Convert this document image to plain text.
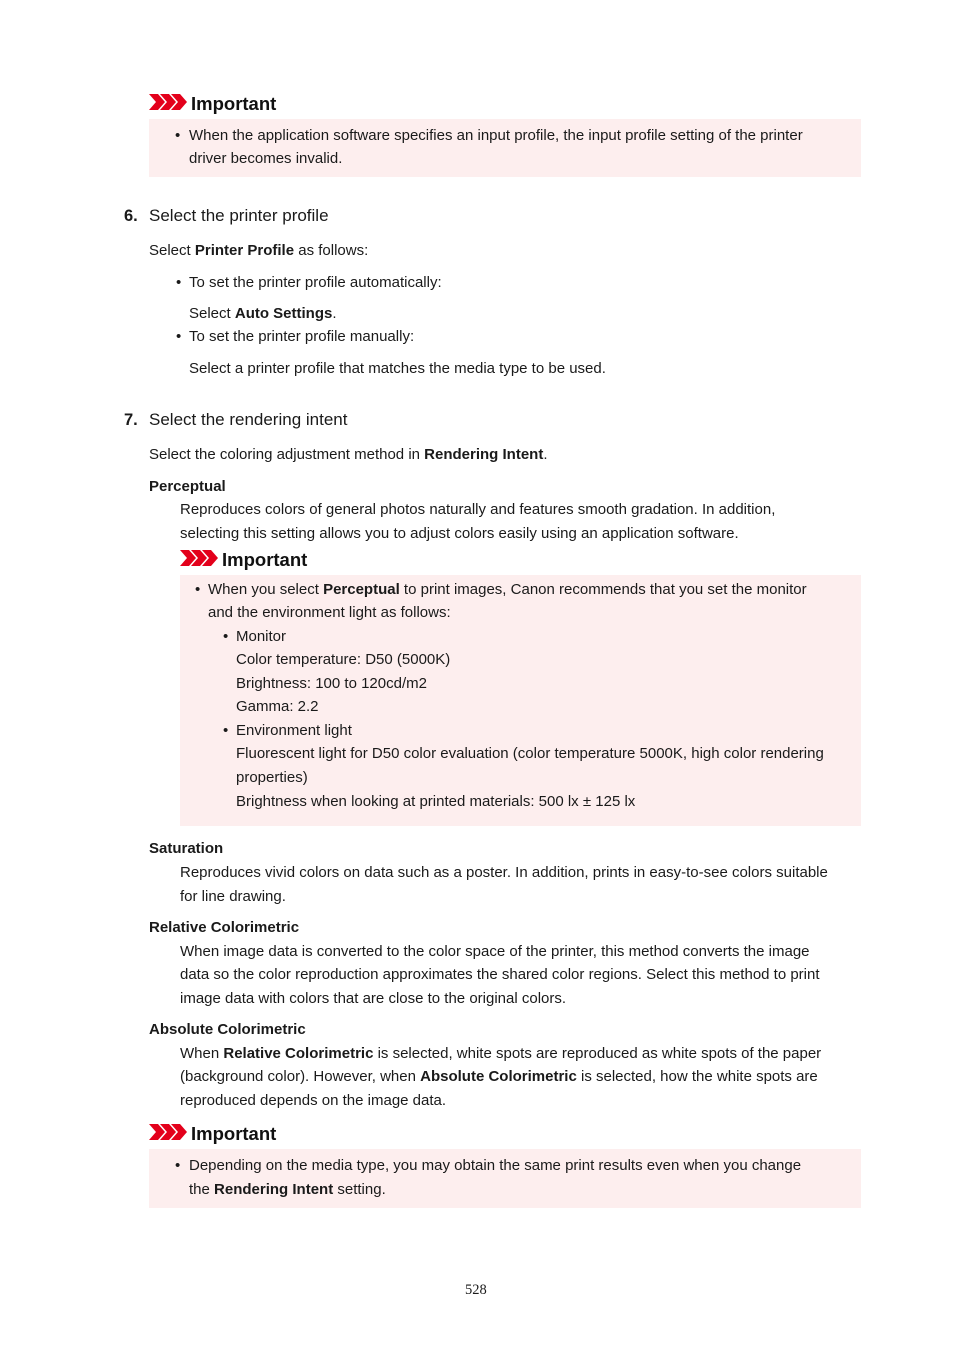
Important
• When the application software specifies an input profile, the input profile setting of the printer
driver becomes invalid.
6. Select the printer profile
Select Printer Profile as follows:
• To set the printer profile automatically:
Select Auto Settings.
• To set the printer profile manually:
Select a printer profile that matches the media type to be used.
7. Select the rendering intent
Select the coloring adjustment method in Rendering Intent.
Perceptual
Reproduces colors of general photos naturally and features smooth gradation. In addition,
selecting this setting allows you to adjust colors easily using an application software.
Important
• When you select Perceptual to print images, Canon recommends that you set the monitor
and the environment light as follows:
• Monitor
Color temperature: D50 (5000K)
Brightness: 100 to 120cd/m2
Gamma: 2.2
• Environment light
Fluorescent light for D50 color evaluation (color temperature 5000K, high color rendering
properties)
Brightness when looking at printed materials: 500 lx ± 125 lx
Saturation
Reproduces vivid colors on data such as a poster. In addition, prints in easy-to-see colors suitable
for line drawing.
Relative Colorimetric
When image data is converted to the color space of the printer, this method converts the image
data so the color reproduction approximates the shared color regions. Select this method to print
image data with colors that are close to the original colors.
Absolute Colorimetric
When Relative Colorimetric is selected, white spots are reproduced as white spots of the paper
(background color). However, when Absolute Colorimetric is selected, how the white spots are
reproduced depends on the image data.
Important
• Depending on the media type, you may obtain the same print results even when you change
the Rendering Intent setting.
528
